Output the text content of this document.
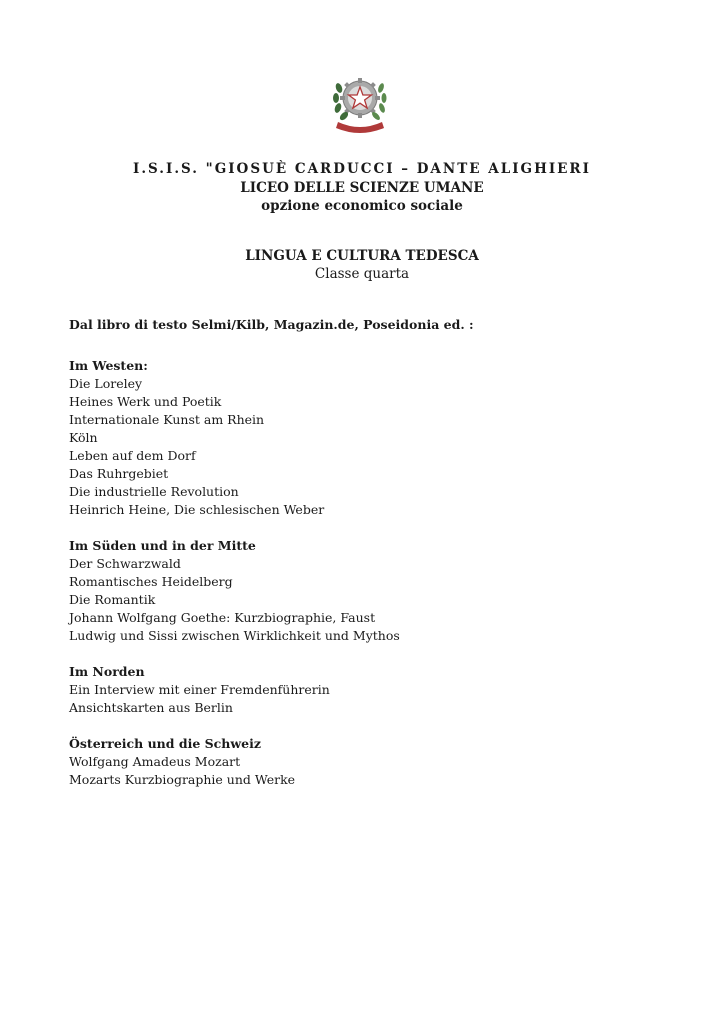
I.S.I.S. "GIOSUÈ CARDUCCI – DANTE ALIGHIERI
LICEO DELLE SCIENZE UMANE
opzione economico sociale
LINGUA E CULTURA TEDESCA
Classe quarta
Dal libro di testo Selmi/Kilb, Magazin.de, Poseidonia ed. :
Im Westen:
Die Loreley
Heines Werk und Poetik
Internationale Kunst am Rhein
Köln
Leben auf dem Dorf
Das Ruhrgebiet
Die industrielle Revolution
Heinrich Heine, Die schlesischen Weber
Im Süden und in der Mitte
Der Schwarzwald
Romantisches Heidelberg
Die Romantik
Johann Wolfgang Goethe: Kurzbiographie, Faust
Ludwig und Sissi zwischen Wirklichkeit und Mythos
Im Norden
Ein Interview mit einer Fremdenführerin
Ansichtskarten aus Berlin
Österreich und die Schweiz
Wolfgang Amadeus Mozart
Mozarts Kurzbiographie und Werke
